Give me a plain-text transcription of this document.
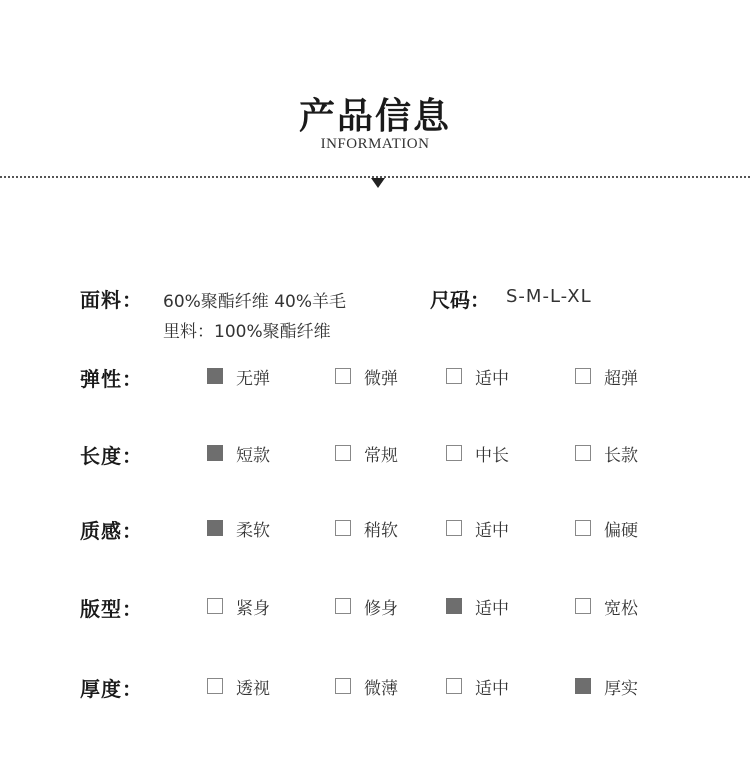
产品信息
INFORMATION
面料： 60%聚酯纤维 40%羊毛
里料：100%聚酯纤维
尺码： S-M-L-XL
弹性：	无弹	微弹	适中	超弹
长度：	短款	常规	中长	长款
质感：	柔软	稍软	适中	偏硬
版型：	紧身	修身	适中	宽松
厚度：	透视	微薄	适中	厚实
